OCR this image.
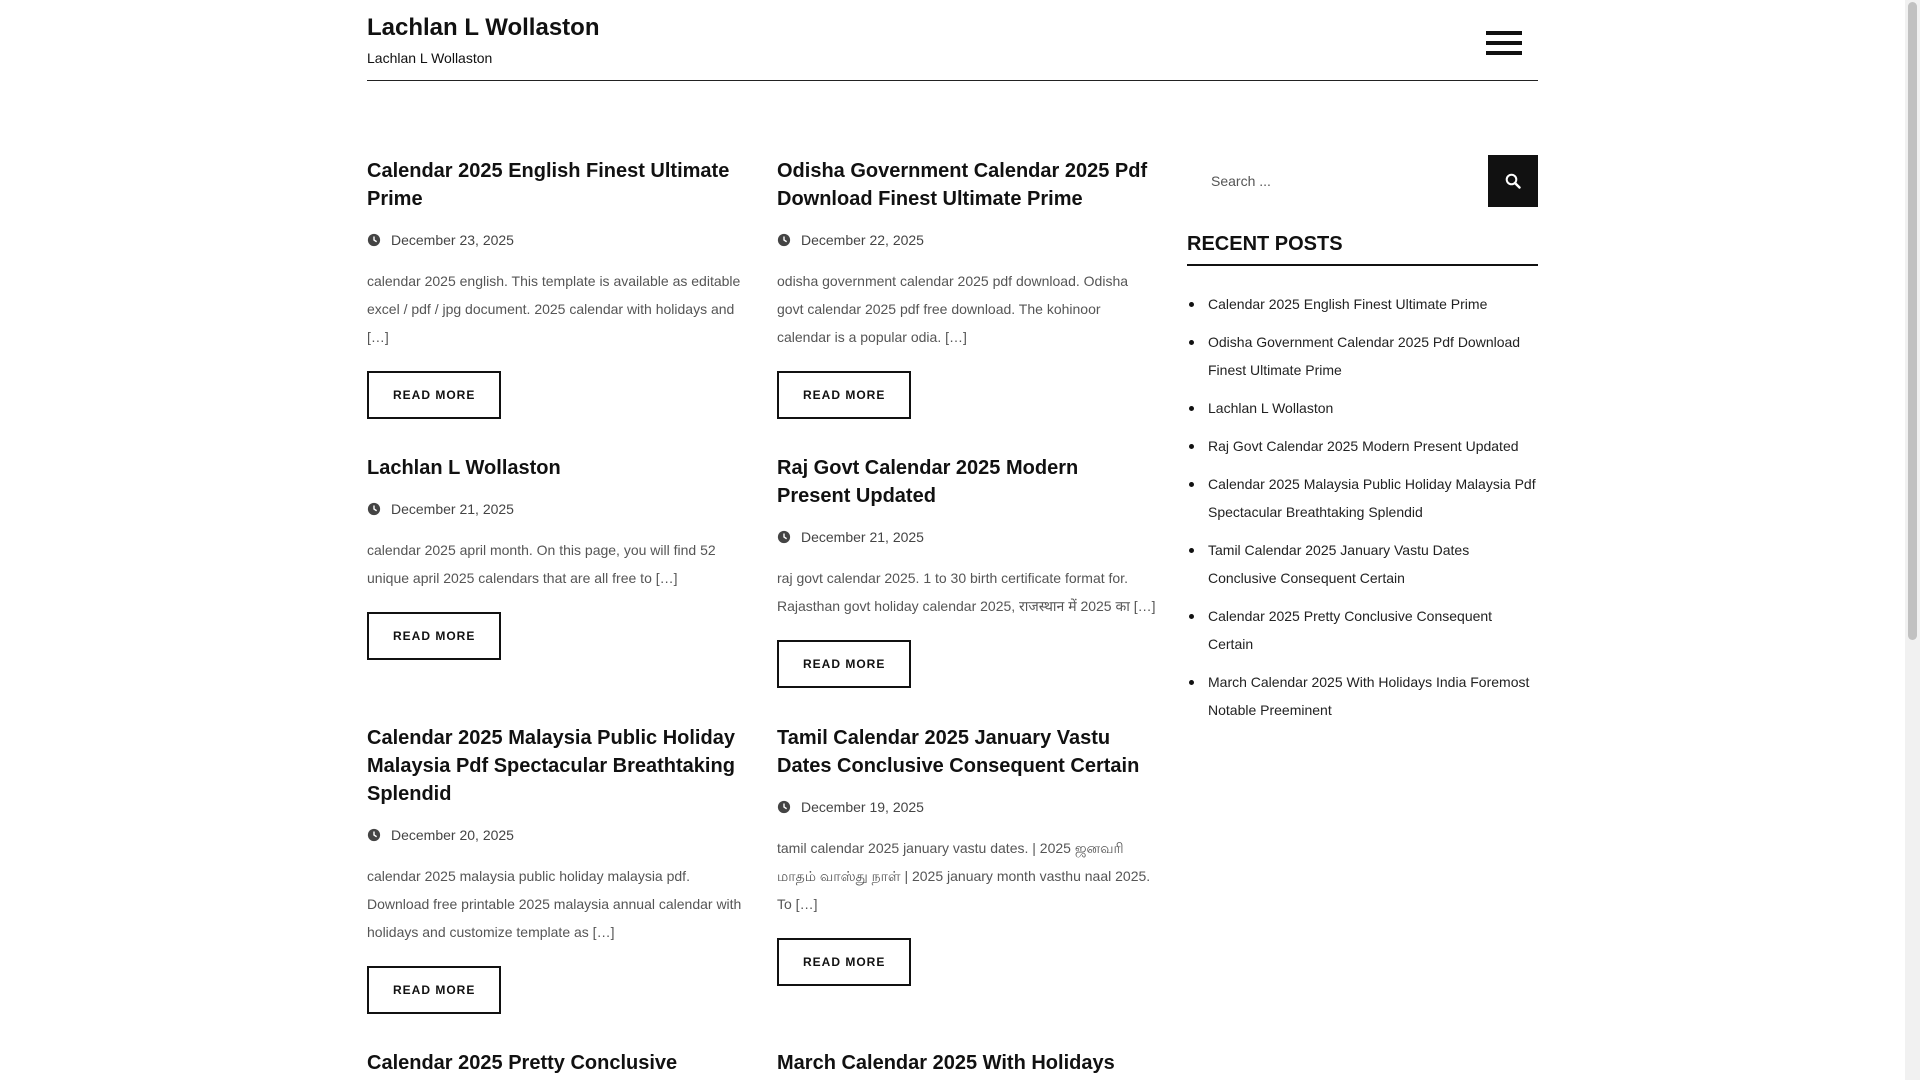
Lachlan L Wollaston
Lachlan L Wollaston
Calendar 2025 English Finest Ultimate Prime
December 23, 2025
calendar 2025 english. This template is available as editable excel / pdf / jpg document. 2025 calendar with holidays and […]
READ MORE
Odisha Government Calendar 2025 Pdf Download Finest Ultimate Prime
December 22, 2025
odisha government calendar 2025 pdf download. Odisha govt calendar 2025 pdf free download. The kohinoor calendar is a popular odia. […]
READ MORE
Lachlan L Wollaston
December 21, 2025
calendar 2025 april month. On this page, you will find 52 unique april 2025 calendars that are all free to […]
READ MORE
Raj Govt Calendar 2025 Modern Present Updated
December 21, 2025
raj govt calendar 2025. 1 to 30 birth certificate format for. Rajasthan govt holiday calendar 2025, राजस्थान में 2025 का […]
READ MORE
Calendar 2025 Malaysia Public Holiday Malaysia Pdf Spectacular Breathtaking Splendid
December 20, 2025
calendar 2025 malaysia public holiday malaysia pdf. Download free printable 2025 malaysia annual calendar with holidays and customize template as […]
READ MORE
Tamil Calendar 2025 January Vastu Dates Conclusive Consequent Certain
December 19, 2025
tamil calendar 2025 january vastu dates. | 2025 ஜனவரி மாதம் வாஸ்து நாள் | 2025 january month vasthu naal 2025. To […]
READ MORE
Calendar 2025 Pretty Conclusive	March Calendar 2025 With Holidays
Search ...
RECENT POSTS
Calendar 2025 English Finest Ultimate Prime
Odisha Government Calendar 2025 Pdf Download Finest Ultimate Prime
Lachlan L Wollaston
Raj Govt Calendar 2025 Modern Present Updated
Calendar 2025 Malaysia Public Holiday Malaysia Pdf Spectacular Breathtaking Splendid
Tamil Calendar 2025 January Vastu Dates Conclusive Consequent Certain
Calendar 2025 Pretty Conclusive Consequent Certain
March Calendar 2025 With Holidays India Foremost Notable Preeminent
